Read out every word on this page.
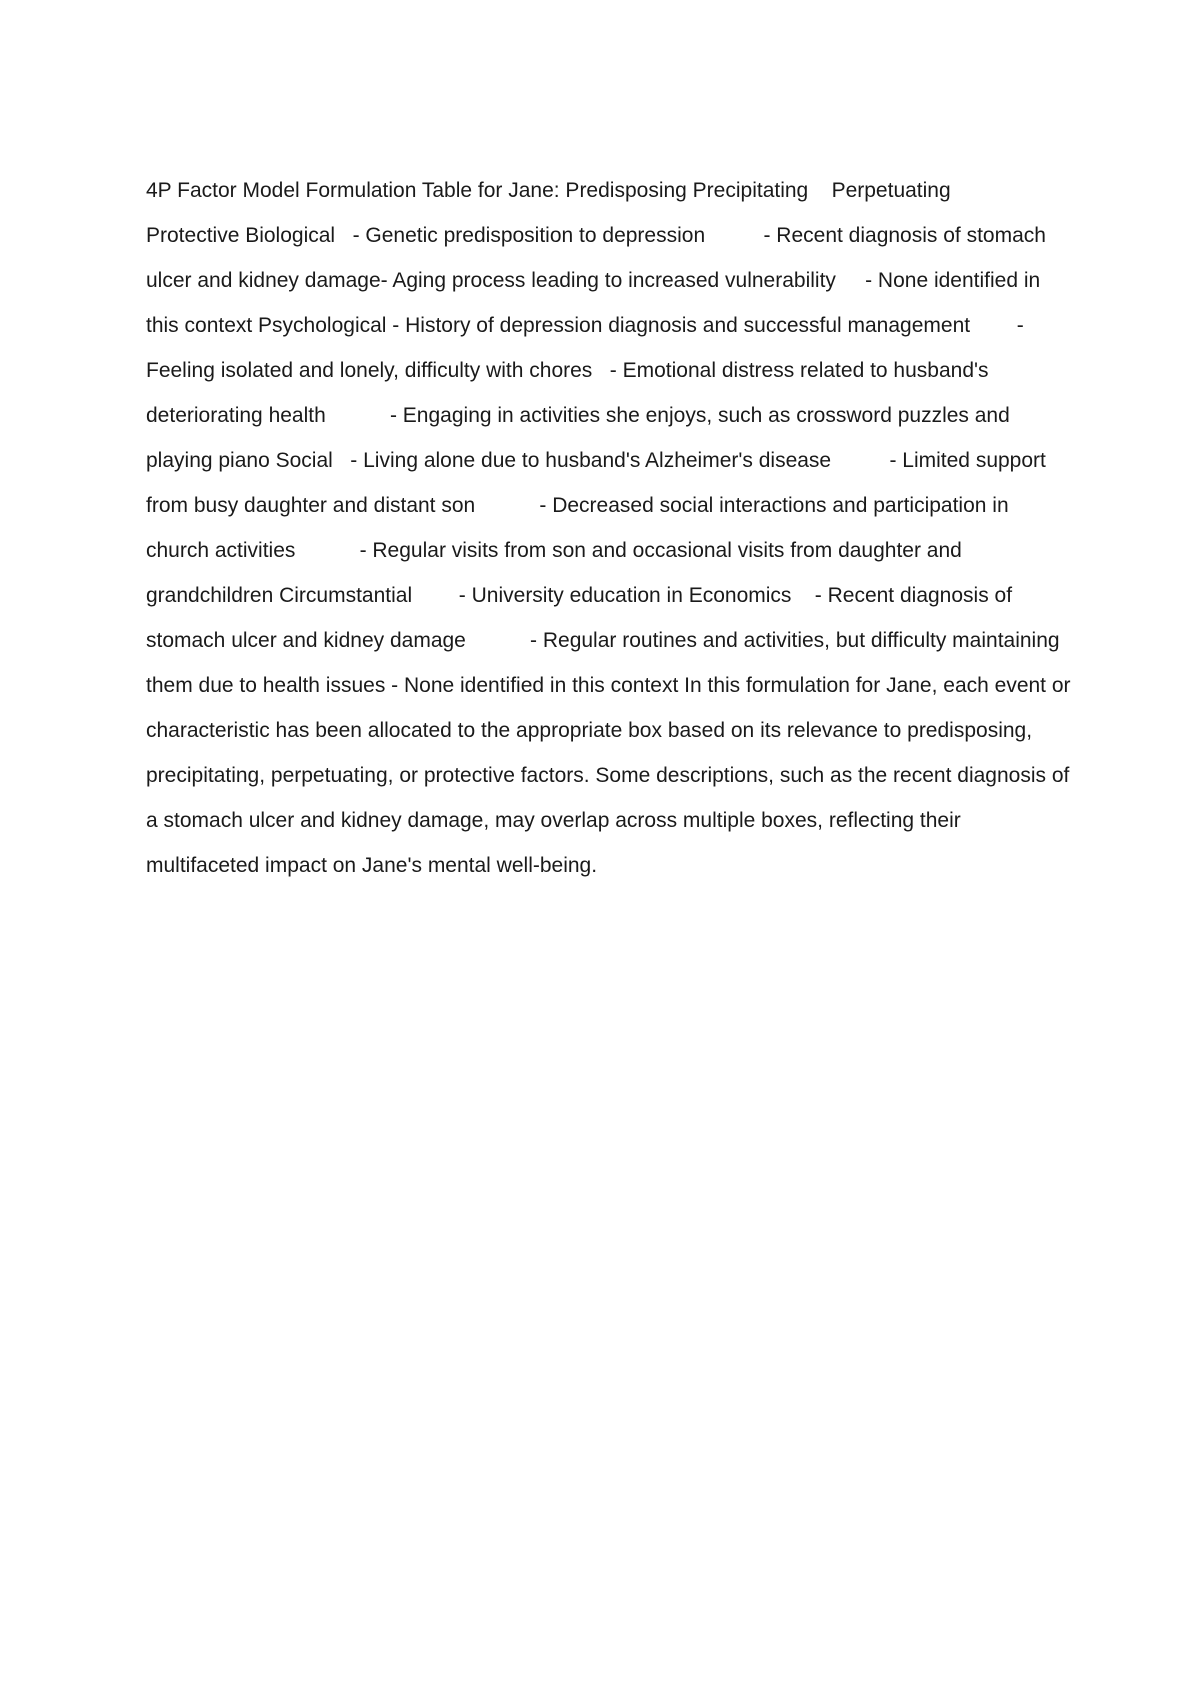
4P Factor Model Formulation Table for Jane: Predisposing Precipitating    Perpetuating           Protective Biological   - Genetic predisposition to depression          - Recent diagnosis of stomach ulcer and kidney damage- Aging process leading to increased vulnerability     - None identified in this context Psychological - History of depression diagnosis and successful management        - Feeling isolated and lonely, difficulty with chores   - Emotional distress related to husband's deteriorating health           - Engaging in activities she enjoys, such as crossword puzzles and playing piano Social   - Living alone due to husband's Alzheimer's disease          - Limited support from busy daughter and distant son           - Decreased social interactions and participation in church activities           - Regular visits from son and occasional visits from daughter and grandchildren Circumstantial        - University education in Economics    - Recent diagnosis of stomach ulcer and kidney damage           - Regular routines and activities, but difficulty maintaining them due to health issues - None identified in this context In this formulation for Jane, each event or characteristic has been allocated to the appropriate box based on its relevance to predisposing, precipitating, perpetuating, or protective factors. Some descriptions, such as the recent diagnosis of a stomach ulcer and kidney damage, may overlap across multiple boxes, reflecting their multifaceted impact on Jane's mental well-being.
